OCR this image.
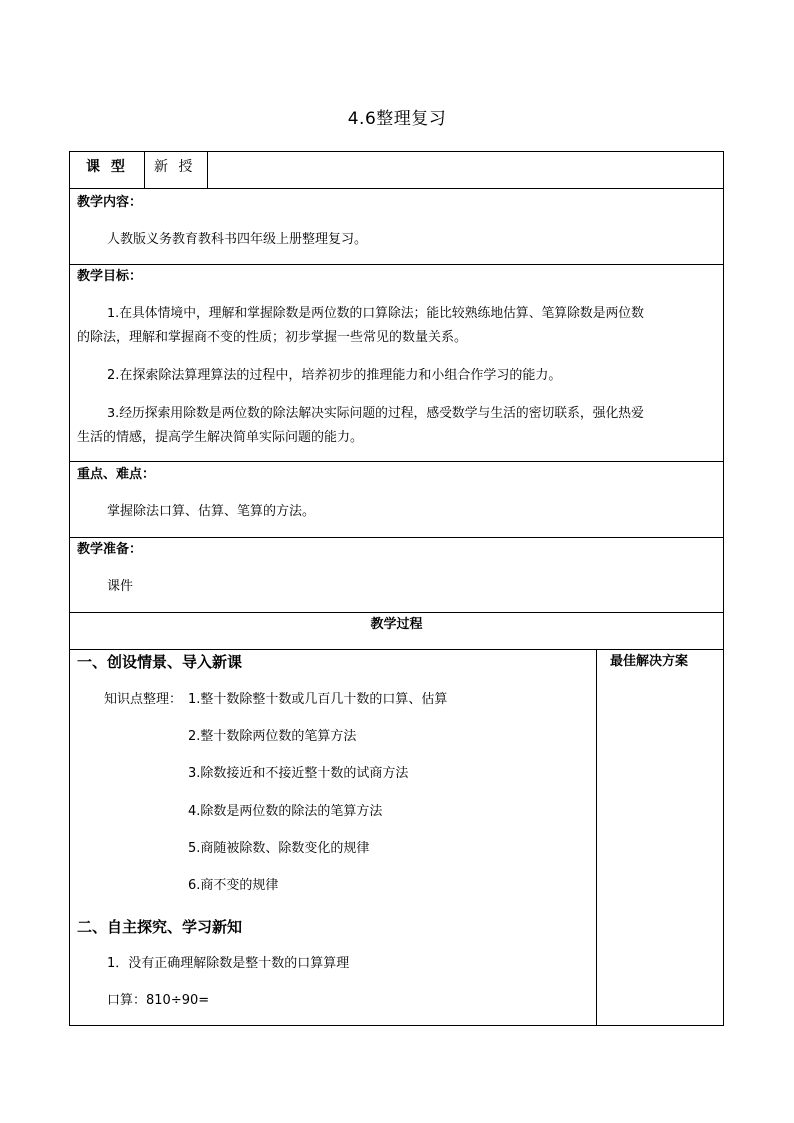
4.6整理复习
课 型 新 授
教学内容：
人教版义务教育教科书四年级上册整理复习。
教学目标：
1.在具体情境中，理解和掌握除数是两位数的口算除法；能比较熟练地估算、笔算除数是两位数
的除法，理解和掌握商不变的性质；初步掌握一些常见的数量关系。
2.在探索除法算理算法的过程中，培养初步的推理能力和小组合作学习的能力。
3.经历探索用除数是两位数的除法解决实际问题的过程，感受数学与生活的密切联系，强化热爱
生活的情感，提高学生解决简单实际问题的能力。
重点、难点：
掌握除法口算、估算、笔算的方法。
教学准备：
课件
教学过程
最佳解决方案
一、创设情景、导入新课
知识点整理： 1.整十数除整十数或几百几十数的口算、估算
2.整十数除两位数的笔算方法
3.除数接近和不接近整十数的试商方法
4.除数是两位数的除法的笔算方法
5.商随被除数、除数变化的规律
6.商不变的规律
二、自主探究、学习新知
1．没有正确理解除数是整十数的口算算理
口算：810÷90=
